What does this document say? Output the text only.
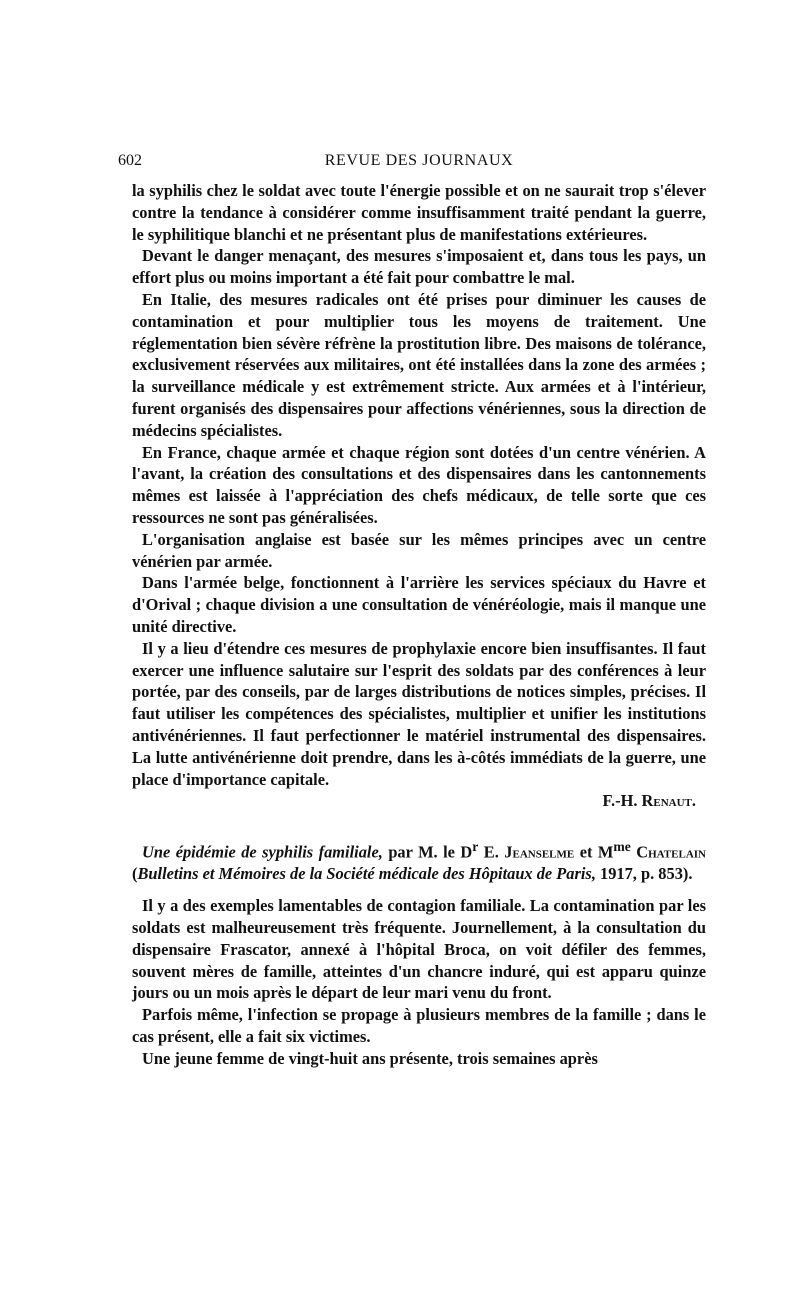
602	REVUE DES JOURNAUX

la syphilis chez le soldat avec toute l'énergie possible et on ne saurait trop s'élever contre la tendance à considérer comme insuffisamment traité pendant la guerre, le syphilitique blanchi et ne présentant plus de manifestations extérieures.

Devant le danger menaçant, des mesures s'imposaient et, dans tous les pays, un effort plus ou moins important a été fait pour combattre le mal.

En Italie, des mesures radicales ont été prises pour diminuer les causes de contamination et pour multiplier tous les moyens de traitement. Une réglementation bien sévère réfrène la prostitution libre. Des maisons de tolérance, exclusivement réservées aux militaires, ont été installées dans la zone des armées ; la surveillance médicale y est extrêmement stricte. Aux armées et à l'intérieur, furent organisés des dispensaires pour affections vénériennes, sous la direction de médecins spécialistes.

En France, chaque armée et chaque région sont dotées d'un centre vénérien. A l'avant, la création des consultations et des dispensaires dans les cantonnements mêmes est laissée à l'appréciation des chefs médicaux, de telle sorte que ces ressources ne sont pas généralisées.

L'organisation anglaise est basée sur les mêmes principes avec un centre vénérien par armée.

Dans l'armée belge, fonctionnent à l'arrière les services spéciaux du Havre et d'Orival ; chaque division a une consultation de vénéréologie, mais il manque une unité directive.

Il y a lieu d'étendre ces mesures de prophylaxie encore bien insuffisantes. Il faut exercer une influence salutaire sur l'esprit des soldats par des conférences à leur portée, par des conseils, par de larges distributions de notices simples, précises. Il faut utiliser les compétences des spécialistes, multiplier et unifier les institutions antivénériennes. Il faut perfectionner le matériel instrumental des dispensaires. La lutte antivénérienne doit prendre, dans les à-côtés immédiats de la guerre, une place d'importance capitale.

F.-H. Renaut.

Une épidémie de syphilis familiale, par M. le $D^r$ E. Jeanselme et $M^{me}$ Chatelain (Bulletins et Mémoires de la Société médicale des Hôpitaux de Paris, 1917, p. 853).

Il y a des exemples lamentables de contagion familiale. La contamination par les soldats est malheureusement très fréquente. Journellement, à la consultation du dispensaire Frascator, annexé à l'hôpital Broca, on voit défiler des femmes, souvent mères de famille, atteintes d'un chancre induré, qui est apparu quinze jours ou un mois après le départ de leur mari venu du front.

Parfois même, l'infection se propage à plusieurs membres de la famille ; dans le cas présent, elle a fait six victimes.

Une jeune femme de vingt-huit ans présente, trois semaines après
